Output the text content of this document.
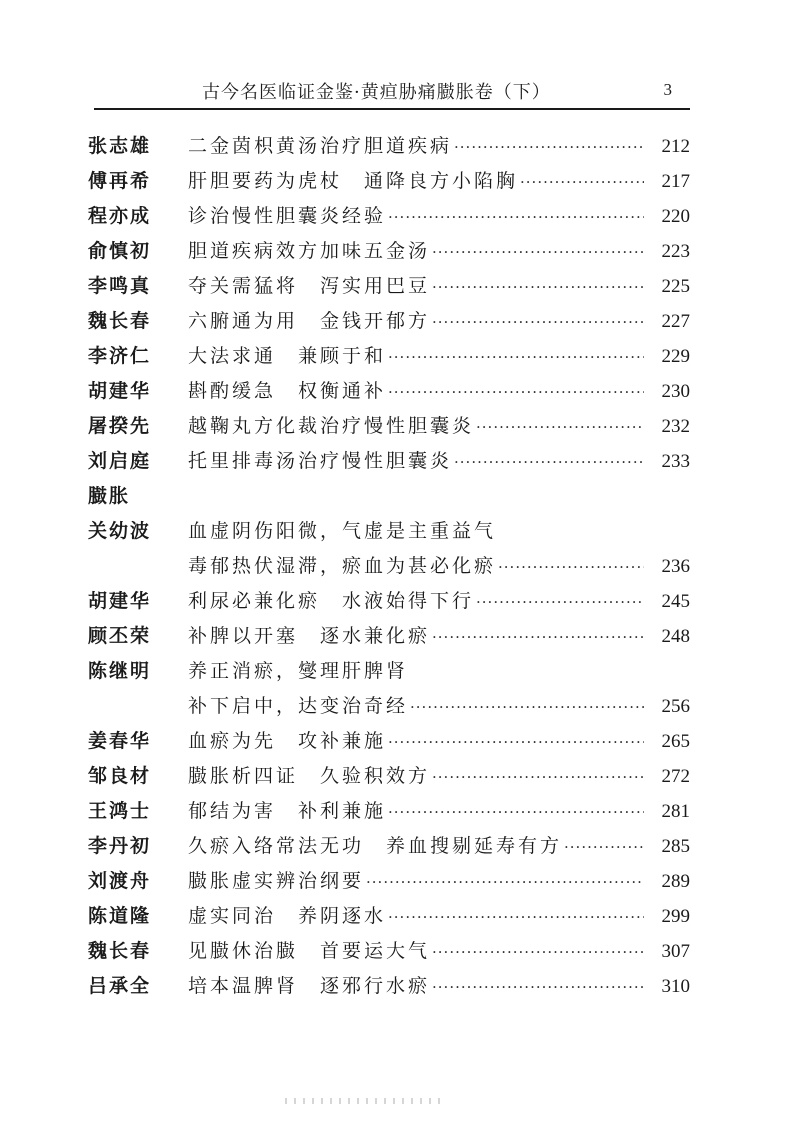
古今名医临证金鉴·黄疸胁痛臌胀卷（下）	3
张志雄	二金茵枳黄汤治疗胆道疾病 ·····	212
傅再希	肝胆要药为虎杖　通降良方小陷胸 ·····	217
程亦成	诊治慢性胆囊炎经验 ·····	220
俞慎初	胆道疾病效方加味五金汤 ·····	223
李鸣真	夺关需猛将　泻实用巴豆 ·····	225
魏长春	六腑通为用　金钱开郁方 ·····	227
李济仁	大法求通　兼顾于和 ·····	229
胡建华	斟酌缓急　权衡通补 ·····	230
屠揆先	越鞠丸方化裁治疗慢性胆囊炎 ·····	232
刘启庭	托里排毒汤治疗慢性胆囊炎 ·····	233
臌胀
关幼波	血虚阴伤阳微，气虚是主重益气
毒郁热伏湿滞，瘀血为甚必化瘀 ·····	236
胡建华	利尿必兼化瘀　水液始得下行 ·····	245
顾丕荣	补脾以开塞　逐水兼化瘀 ·····	248
陈继明	养正消瘀，燮理肝脾肾
补下启中，达变治奇经 ·····	256
姜春华	血瘀为先　攻补兼施 ·····	265
邹良材	臌胀析四证　久验积效方 ·····	272
王鸿士	郁结为害　补利兼施 ·····	281
李丹初	久瘀入络常法无功　养血搜剔延寿有方 ·····	285
刘渡舟	臌胀虚实辨治纲要 ·····	289
陈道隆	虚实同治　养阴逐水 ·····	299
魏长春	见臌休治臌　首要运大气 ·····	307
吕承全	培本温脾肾　逐邪行水瘀 ·····	310
